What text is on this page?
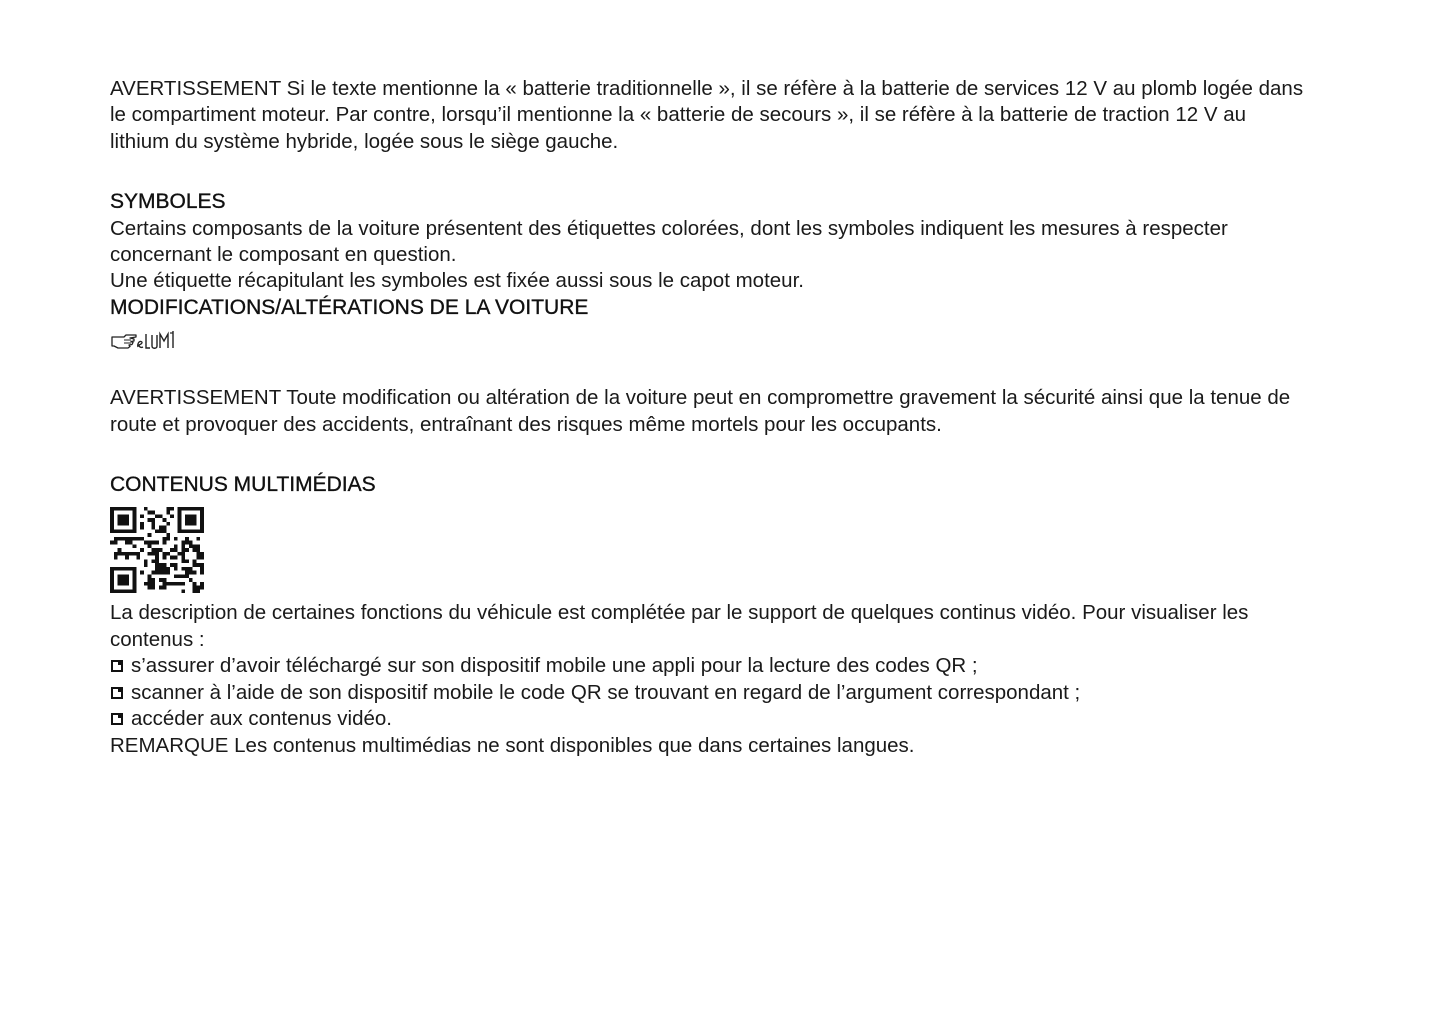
AVERTISSEMENT Si le texte mentionne la « batterie traditionnelle », il se réfère à la batterie de services 12 V au plomb logée dans le compartiment moteur. Par contre, lorsqu’il mentionne la « batterie de secours », il se réfère à la batterie de traction 12 V au lithium du système hybride, logée sous le siège gauche.

SYMBOLES

Certains composants de la voiture présentent des étiquettes colorées, dont les symboles indiquent les mesures à respecter concernant le composant en question.

Une étiquette récapitulant les symboles est fixée aussi sous le capot moteur.

MODIFICATIONS/ALTÉRATIONS DE LA VOITURE

AVERTISSEMENT Toute modification ou altération de la voiture peut en compromettre gravement la sécurité ainsi que la tenue de route et provoquer des accidents, entraînant des risques même mortels pour les occupants.

CONTENUS MULTIMÉDIAS

La description de certaines fonctions du véhicule est complétée par le support de quelques continus vidéo. Pour visualiser les contenus :

s’assurer d’avoir téléchargé sur son dispositif mobile une appli pour la lecture des codes QR ;
scanner à l’aide de son dispositif mobile le code QR se trouvant en regard de l’argument correspondant ;
accéder aux contenus vidéo.

REMARQUE Les contenus multimédias ne sont disponibles que dans certaines langues.
